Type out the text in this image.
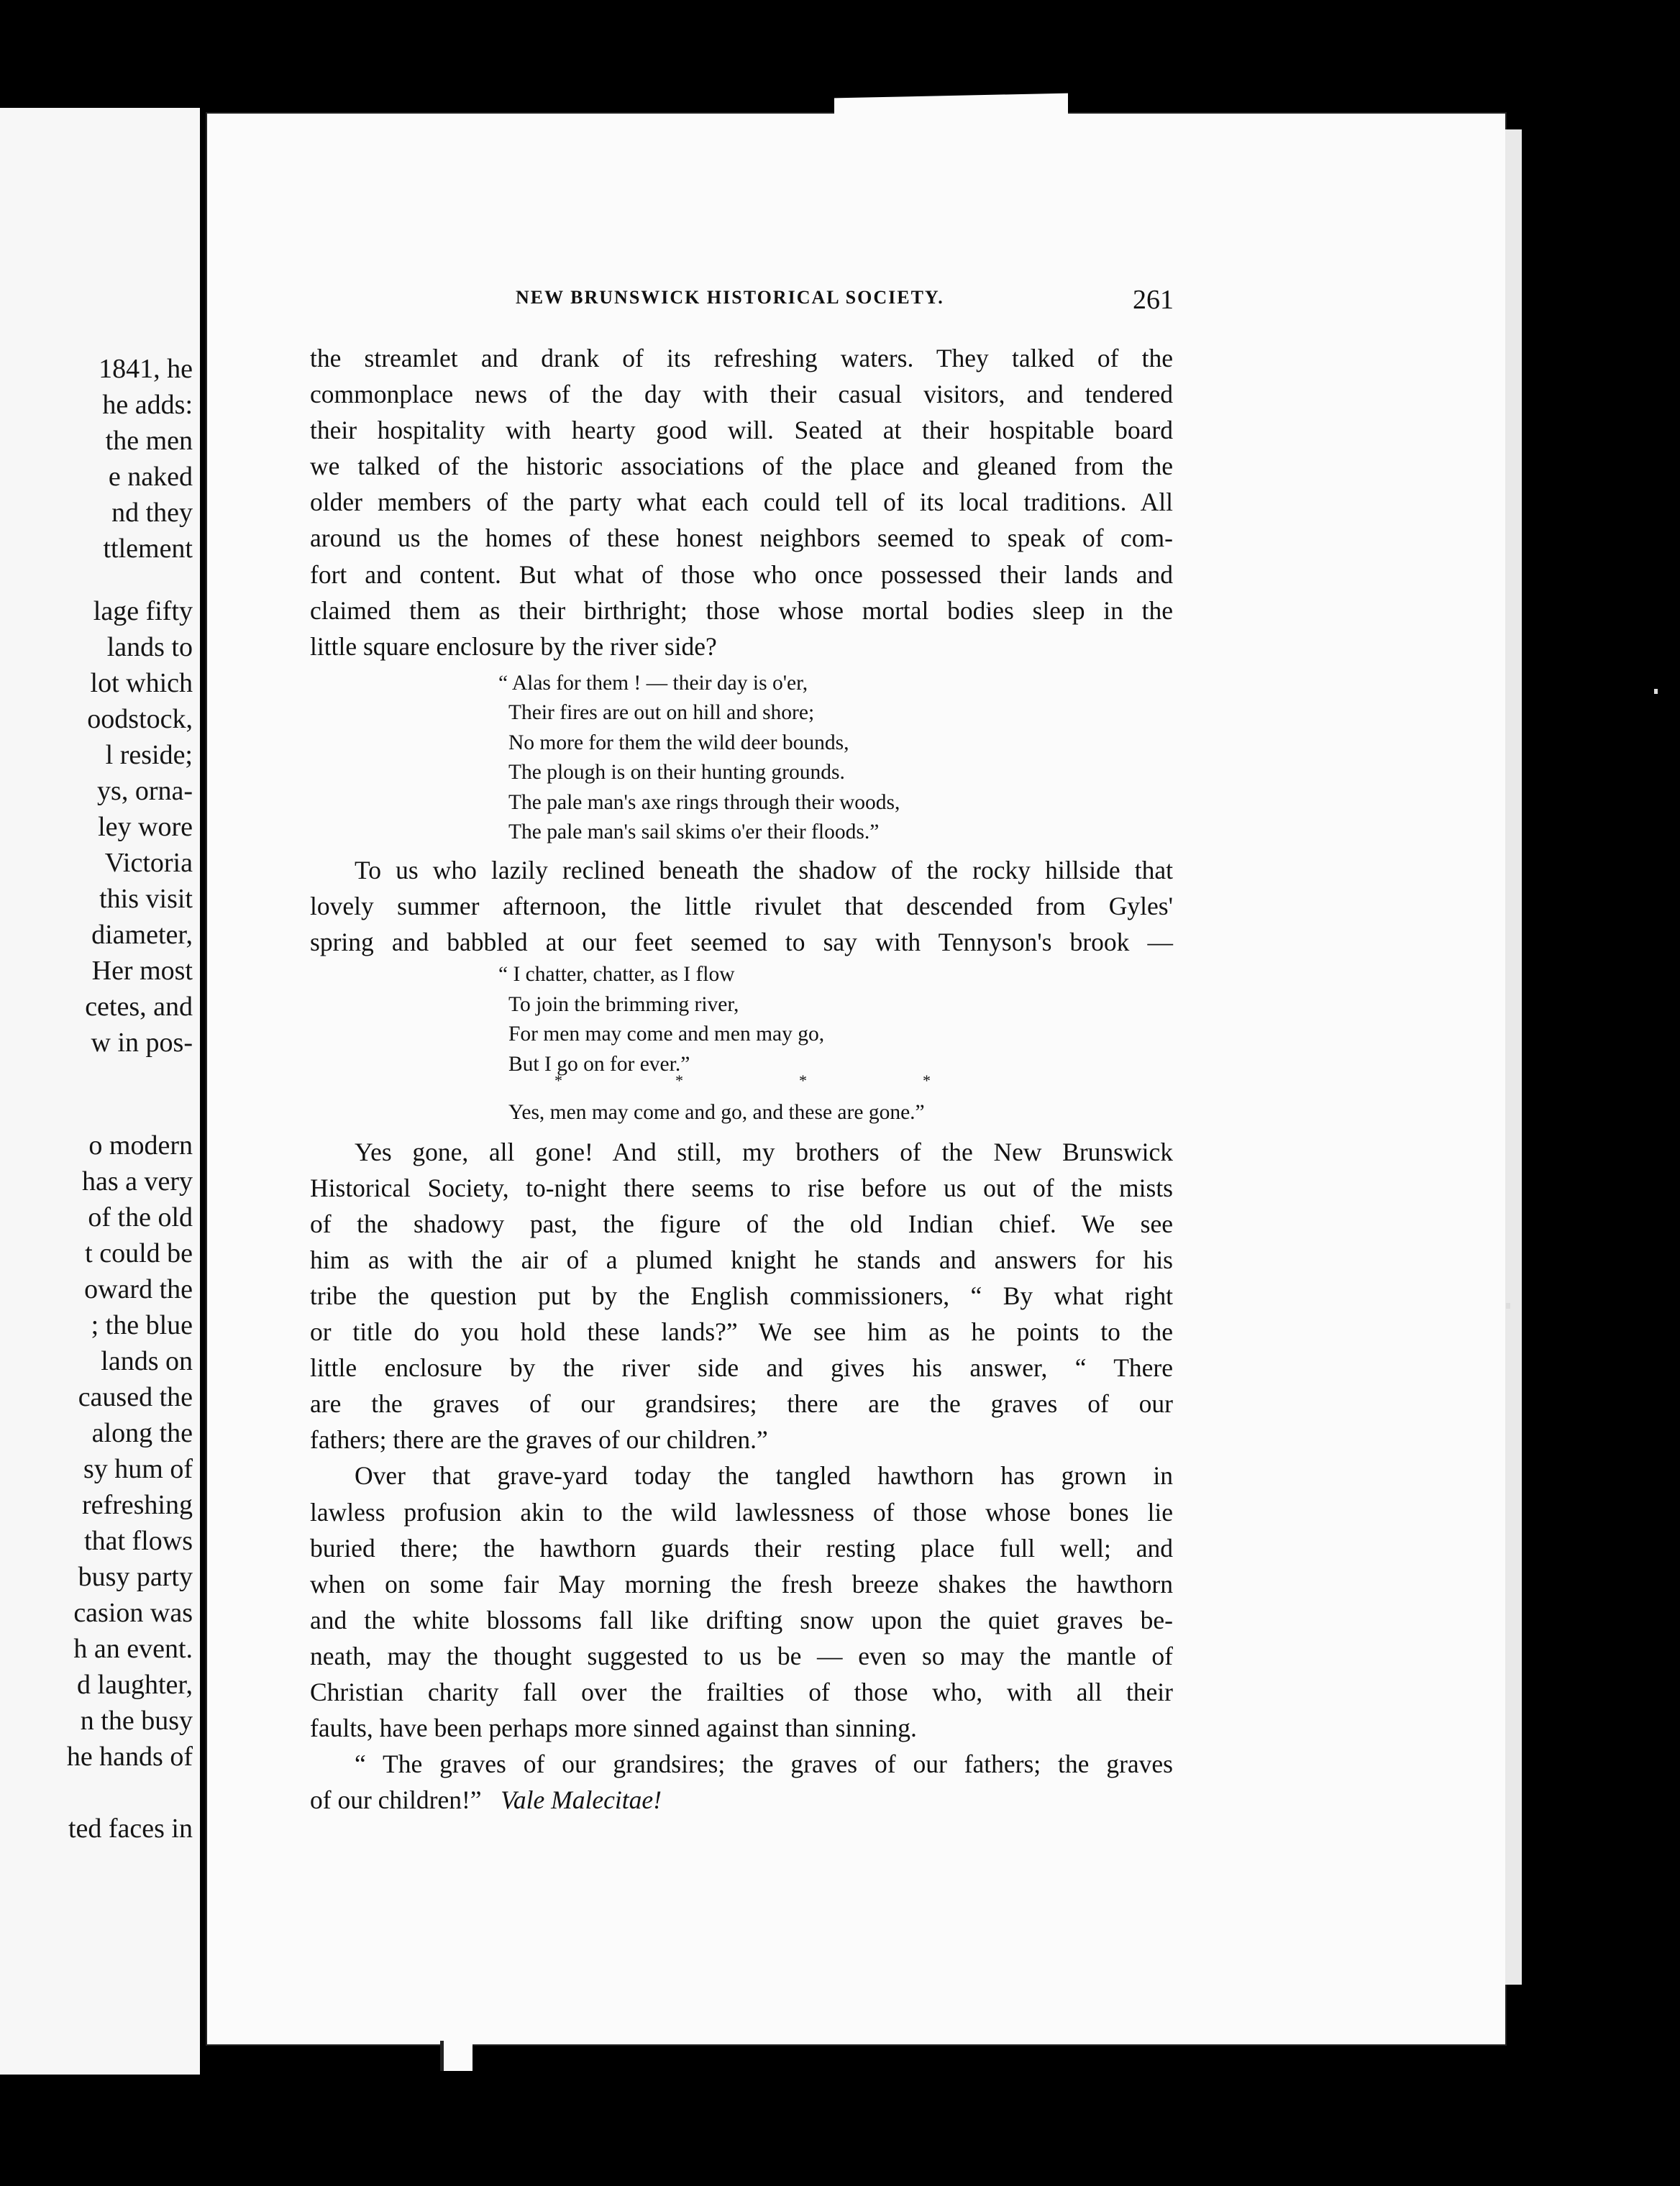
1841, he
he adds:
the men
e naked
nd they
ttlement
lage fifty
lands to
lot which
oodstock,
l reside;
ys, orna-
ley wore
Victoria
this visit
diameter,
Her most
cetes, and
w in pos-
o modern
has a very
of the old
t could be
oward the
; the blue
lands on
caused the
along the
sy hum of
refreshing
that flows
busy party
casion was
h an event.
d laughter,
n the busy
he hands of
ted faces in
NEW BRUNSWICK HISTORICAL SOCIETY.	261
the streamlet and drank of its refreshing waters. They talked of the
commonplace news of the day with their casual visitors, and tendered
their hospitality with hearty good will. Seated at their hospitable board
we talked of the historic associations of the place and gleaned from the
older members of the party what each could tell of its local traditions. All
around us the homes of these honest neighbors seemed to speak of com-
fort and content. But what of those who once possessed their lands and
claimed them as their birthright; those whose mortal bodies sleep in the
little square enclosure by the river side?
“ Alas for them ! — their day is o'er,
Their fires are out on hill and shore;
No more for them the wild deer bounds,
The plough is on their hunting grounds.
The pale man's axe rings through their woods,
The pale man's sail skims o'er their floods.”
To us who lazily reclined beneath the shadow of the rocky hillside that
lovely summer afternoon, the little rivulet that descended from Gyles'
spring and babbled at our feet seemed to say with Tennyson's brook —
“ I chatter, chatter, as I flow
To join the brimming river,
For men may come and men may go,
But I go on for ever.”
*	*	*	*
Yes, men may come and go, and these are gone.”
Yes gone, all gone! And still, my brothers of the New Brunswick
Historical Society, to-night there seems to rise before us out of the mists
of the shadowy past, the figure of the old Indian chief. We see
him as with the air of a plumed knight he stands and answers for his
tribe the question put by the English commissioners, “ By what right
or title do you hold these lands?” We see him as he points to the
little enclosure by the river side and gives his answer, “ There
are the graves of our grandsires; there are the graves of our
fathers; there are the graves of our children.”
Over that grave-yard today the tangled hawthorn has grown in
lawless profusion akin to the wild lawlessness of those whose bones lie
buried there; the hawthorn guards their resting place full well; and
when on some fair May morning the fresh breeze shakes the hawthorn
and the white blossoms fall like drifting snow upon the quiet graves be-
neath, may the thought suggested to us be — even so may the mantle of
Christian charity fall over the frailties of those who, with all their
faults, have been perhaps more sinned against than sinning.
“ The graves of our grandsires; the graves of our fathers; the graves
of our children!” Vale Malecitae!
